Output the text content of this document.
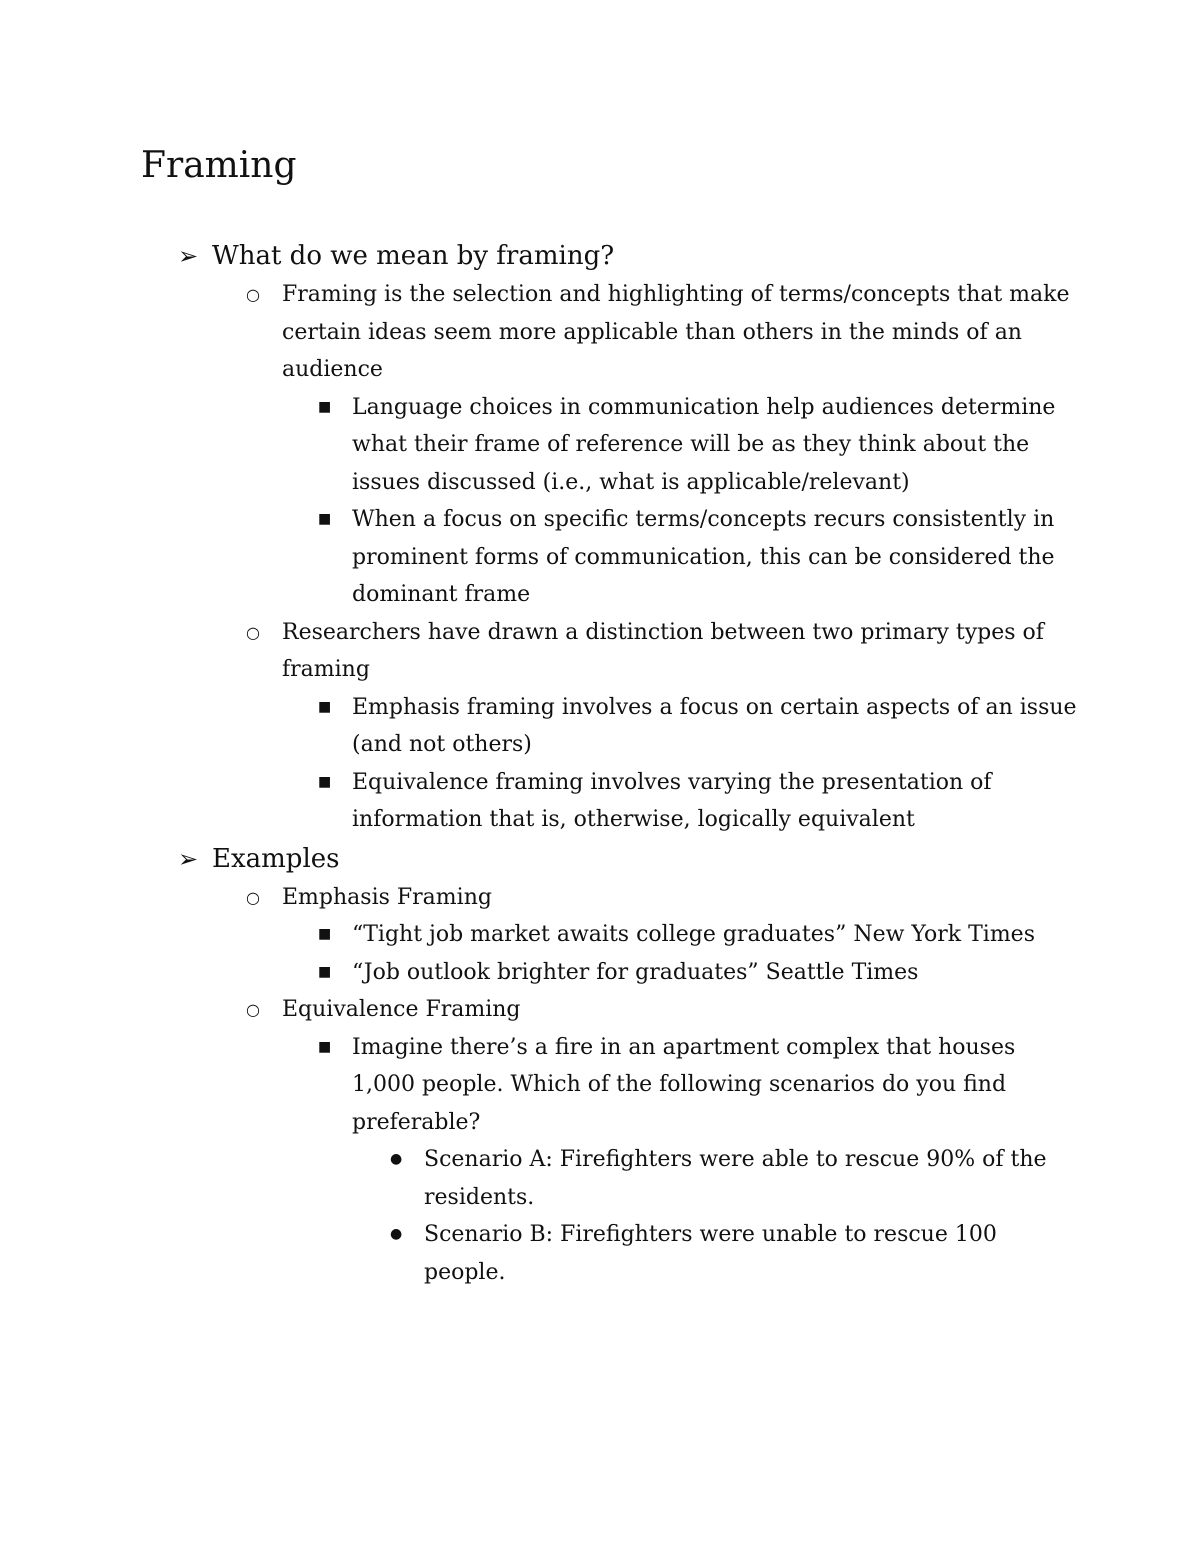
Framing
➢ What do we mean by framing?
○ Framing is the selection and highlighting of terms/concepts that make certain ideas seem more applicable than others in the minds of an audience
■ Language choices in communication help audiences determine what their frame of reference will be as they think about the issues discussed (i.e., what is applicable/relevant)
■ When a focus on specific terms/concepts recurs consistently in prominent forms of communication, this can be considered the dominant frame
○ Researchers have drawn a distinction between two primary types of framing
■ Emphasis framing involves a focus on certain aspects of an issue (and not others)
■ Equivalence framing involves varying the presentation of information that is, otherwise, logically equivalent
➢ Examples
○ Emphasis Framing
■ “Tight job market awaits college graduates” New York Times
■ “Job outlook brighter for graduates” Seattle Times
○ Equivalence Framing
■ Imagine there’s a fire in an apartment complex that houses 1,000 people. Which of the following scenarios do you find preferable?
● Scenario A: Firefighters were able to rescue 90% of the residents.
● Scenario B: Firefighters were unable to rescue 100 people.
